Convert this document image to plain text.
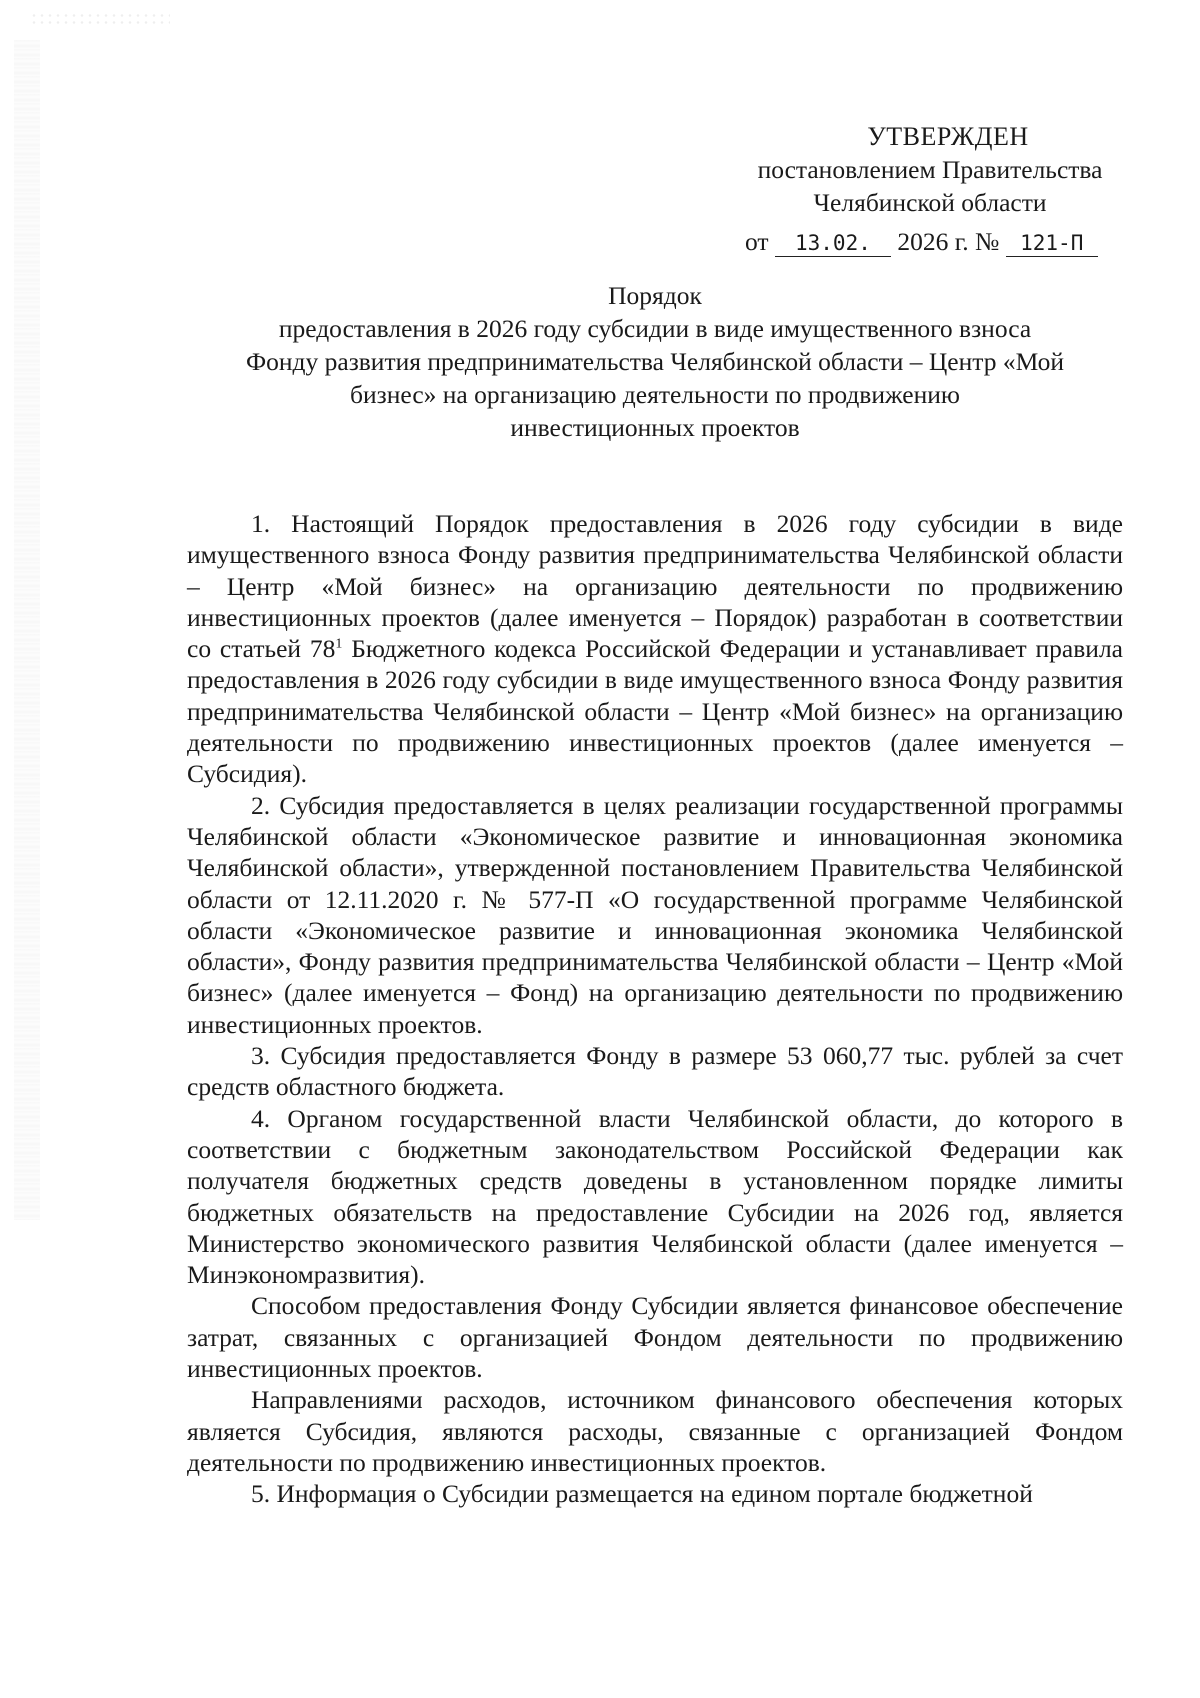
УТВЕРЖДЕН
постановлением Правительства
Челябинской области
от 13.02. 2026 г. № 121-П
Порядок
предоставления в 2026 году субсидии в виде имущественного взноса
Фонду развития предпринимательства Челябинской области – Центр «Мой
бизнес» на организацию деятельности по продвижению
инвестиционных проектов

1. Настоящий Порядок предоставления в 2026 году субсидии в виде имущественного взноса Фонду развития предпринимательства Челябинской области – Центр «Мой бизнес» на организацию деятельности по продвижению инвестиционных проектов (далее именуется – Порядок) разработан в соответствии со статьей $78^1$ Бюджетного кодекса Российской Федерации и устанавливает правила предоставления в 2026 году субсидии в виде имущественного взноса Фонду развития предпринимательства Челябинской области – Центр «Мой бизнес» на организацию деятельности по продвижению инвестиционных проектов (далее именуется – Субсидия).

2. Субсидия предоставляется в целях реализации государственной программы Челябинской области «Экономическое развитие и инновационная экономика Челябинской области», утвержденной постановлением Правительства Челябинской области от 12.11.2020 г. № 577-П «О государственной программе Челябинской области «Экономическое развитие и инновационная экономика Челябинской области», Фонду развития предпринимательства Челябинской области – Центр «Мой бизнес» (далее именуется – Фонд) на организацию деятельности по продвижению инвестиционных проектов.

3. Субсидия предоставляется Фонду в размере 53 060,77 тыс. рублей за счет средств областного бюджета.

4. Органом государственной власти Челябинской области, до которого в соответствии с бюджетным законодательством Российской Федерации как получателя бюджетных средств доведены в установленном порядке лимиты бюджетных обязательств на предоставление Субсидии на 2026 год, является Министерство экономического развития Челябинской области (далее именуется – Минэкономразвития).

Способом предоставления Фонду Субсидии является финансовое обеспечение затрат, связанных с организацией Фондом деятельности по продвижению инвестиционных проектов.

Направлениями расходов, источником финансового обеспечения которых является Субсидия, являются расходы, связанные с организацией Фондом деятельности по продвижению инвестиционных проектов.

5. Информация о Субсидии размещается на едином портале бюджетной
